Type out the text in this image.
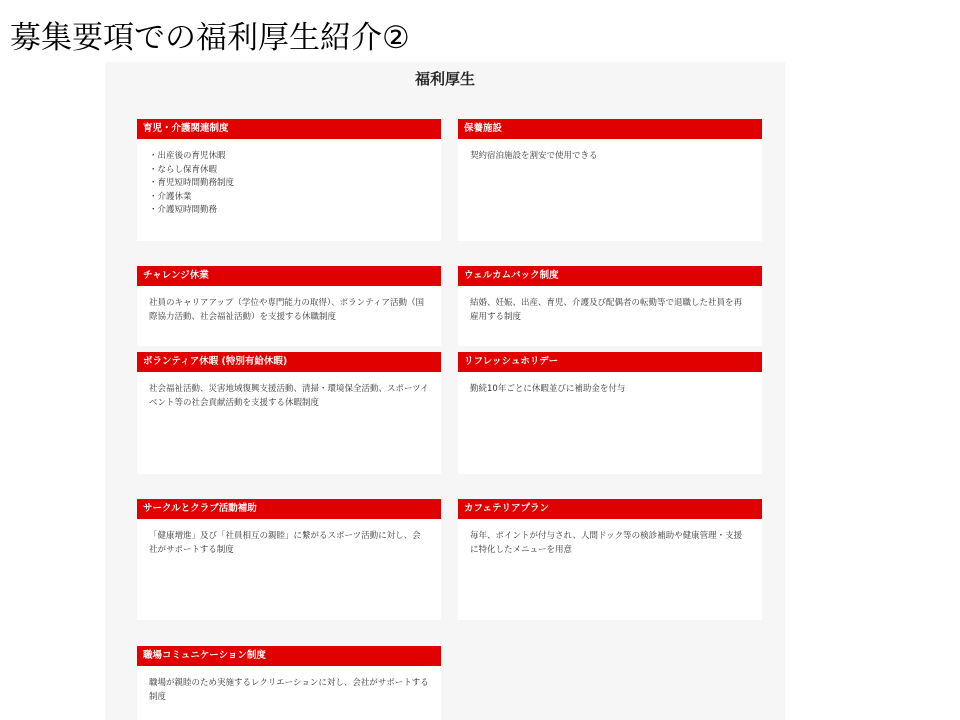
募集要項での福利厚生紹介②
福利厚生
育児・介護関連制度
・出産後の育児休暇
・ならし保育休暇
・育児短時間勤務制度
・介護休業
・介護短時間勤務
保養施設

契約宿泊施設を割安で使用できる

チャレンジ休業

社員のキャリアアップ（学位や専門能力の取得）、ボランティア活動（国際協力活動、社会福祉活動）を支援する休職制度

ウェルカムバック制度

結婚、妊娠、出産、育児、介護及び配偶者の転勤等で退職した社員を再雇用する制度

ボランティア休暇 (特別有給休暇)

社会福祉活動、災害地域復興支援活動、清掃・環境保全活動、スポーツイベント等の社会貢献活動を支援する休暇制度

リフレッシュホリデー

勤続10年ごとに休暇並びに補助金を付与

サークルとクラブ活動補助

「健康増進」及び「社員相互の親睦」に繋がるスポーツ活動に対し、会社がサポートする制度

カフェテリアプラン

毎年、ポイントが付与され、人間ドック等の検診補助や健康管理・支援に特化したメニューを用意

職場コミュニケーション制度

職場が親睦のため実施するレクリエーションに対し、会社がサポートする制度
